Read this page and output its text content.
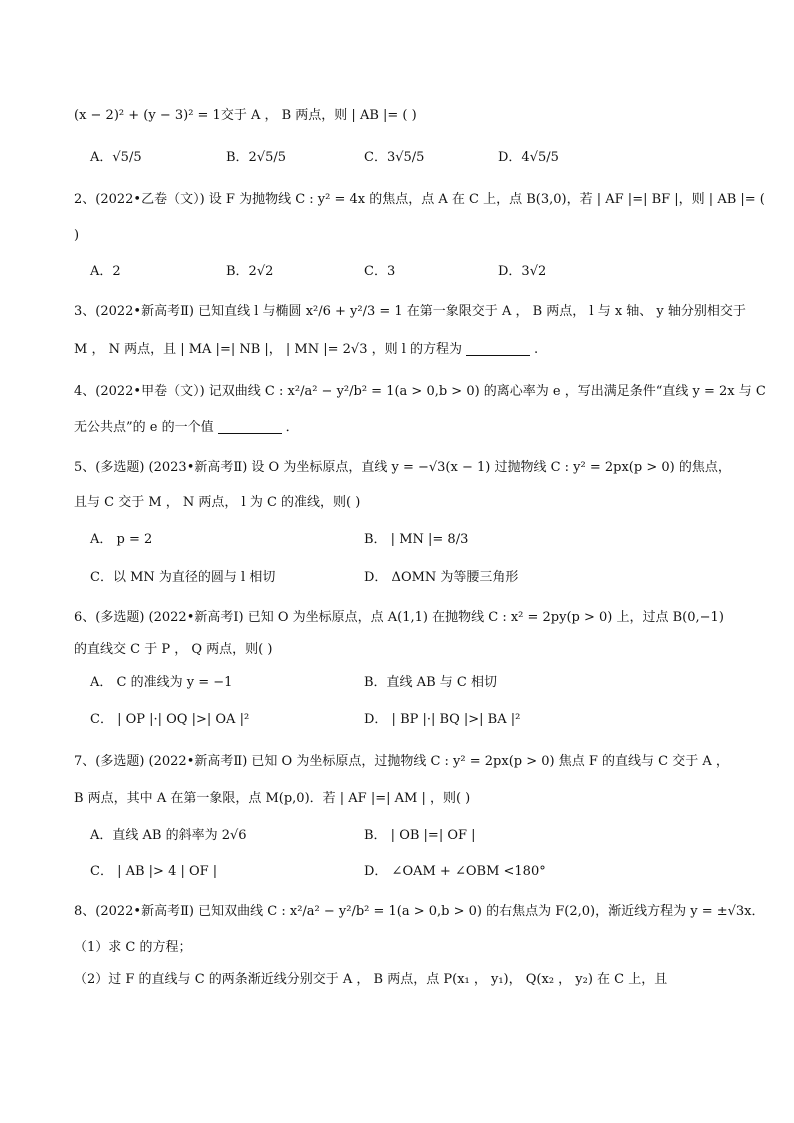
(x − 2)² + (y − 3)² = 1交于 A ， B 两点，则 | AB |= ( )
A．√5/5	B．2√5/5	C．3√5/5	D．4√5/5
2、(2022•乙卷（文）) 设 F 为抛物线 C : y² = 4x 的焦点，点 A 在 C 上，点 B(3,0)，若 | AF |=| BF |，则 | AB |= (
)
A．2	B．2√2	C．3	D．3√2
3、(2022•新高考Ⅱ) 已知直线 l 与椭圆 x²/6 + y²/3 = 1 在第一象限交于 A ， B 两点， l 与 x 轴、 y 轴分别相交于
M ， N 两点，且 | MA |=| NB |， | MN |= 2√3 ，则 l 的方程为	.
4、(2022•甲卷（文）) 记双曲线 C : x²/a² − y²/b² = 1(a > 0,b > 0) 的离心率为 e ，写出满足条件“直线 y = 2x 与 C
无公共点”的 e 的一个值	．
5、(多选题) (2023•新高考Ⅱ) 设 O 为坐标原点，直线 y = −√3(x − 1) 过抛物线 C : y² = 2px(p > 0) 的焦点，
且与 C 交于 M ， N 两点， l 为 C 的准线，则( )
A． p = 2	B． | MN |= 8/3
C．以 MN 为直径的圆与 l 相切	D． ΔOMN 为等腰三角形
6、(多选题) (2022•新高考Ⅰ) 已知 O 为坐标原点，点 A(1,1) 在抛物线 C : x² = 2py(p > 0) 上，过点 B(0,−1)
的直线交 C 于 P ， Q 两点，则( )
A． C 的准线为 y = −1	B．直线 AB 与 C 相切
C． | OP |·| OQ |>| OA |²	D． | BP |·| BQ |>| BA |²
7、(多选题) (2022•新高考Ⅱ) 已知 O 为坐标原点，过抛物线 C : y² = 2px(p > 0) 焦点 F 的直线与 C 交于 A ，
B 两点，其中 A 在第一象限，点 M(p,0)．若 | AF |=| AM | ，则( )
A．直线 AB 的斜率为 2√6	B． | OB |=| OF |
C． | AB |> 4 | OF |	D． ∠OAM + ∠OBM <180°
8、(2022•新高考Ⅱ) 已知双曲线 C : x²/a² − y²/b² = 1(a > 0,b > 0) 的右焦点为 F(2,0)，渐近线方程为 y = ±√3x．
（1）求 C 的方程；
（2）过 F 的直线与 C 的两条渐近线分别交于 A ， B 两点，点 P(x₁ ， y₁)， Q(x₂ ， y₂) 在 C 上，且
